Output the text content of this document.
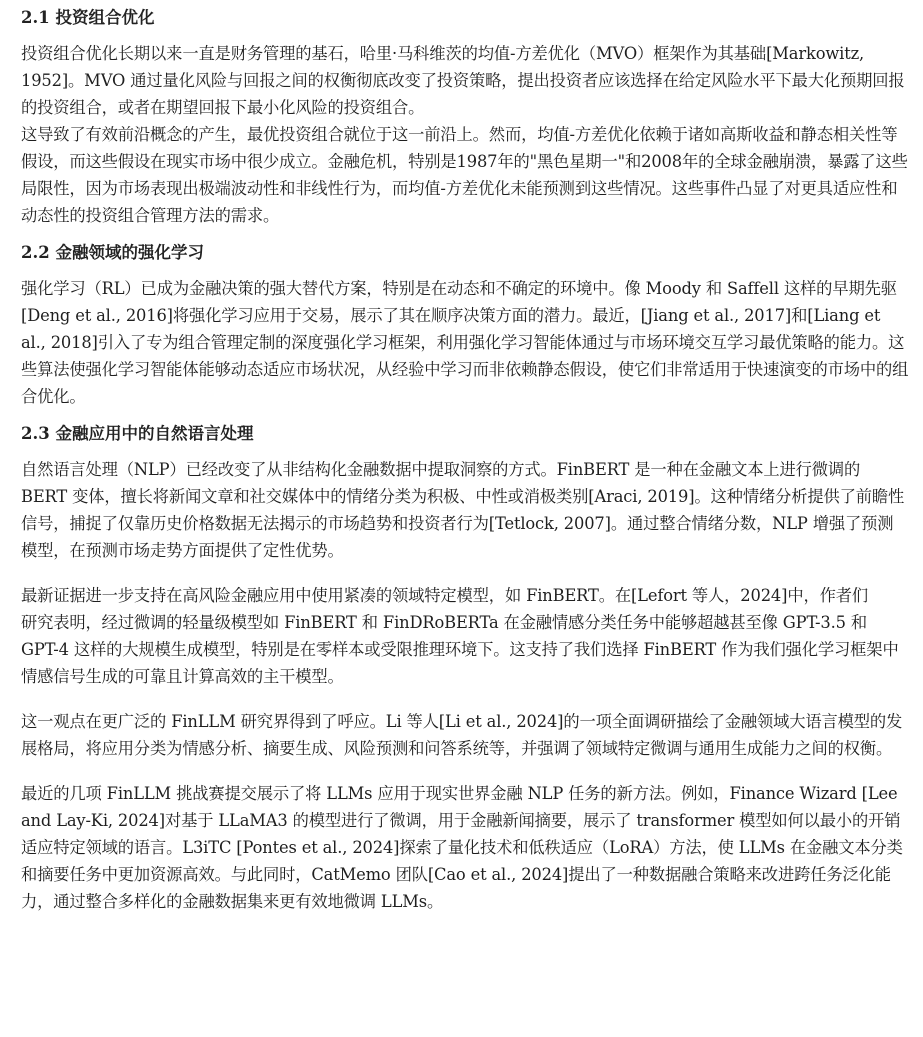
2.1 投资组合优化

投资组合优化长期以来一直是财务管理的基石，哈里·马科维茨的均值-方差优化（MVO）框架作为其基础[Markowitz, 1952]。MVO 通过量化风险与回报之间的权衡彻底改变了投资策略，提出投资者应该选择在给定风险水平下最大化预期回报的投资组合，或者在期望回报下最小化风险的投资组合。

这导致了有效前沿概念的产生，最优投资组合就位于这一前沿上。然而，均值-方差优化依赖于诸如高斯收益和静态相关性等假设，而这些假设在现实市场中很少成立。金融危机，特别是1987年的"黑色星期一"和2008年的全球金融崩溃，暴露了这些局限性，因为市场表现出极端波动性和非线性行为，而均值-方差优化未能预测到这些情况。这些事件凸显了对更具适应性和动态性的投资组合管理方法的需求。

2.2 金融领域的强化学习

强化学习（RL）已成为金融决策的强大替代方案，特别是在动态和不确定的环境中。像 Moody 和 Saffell 这样的早期先驱[Deng et al., 2016]将强化学习应用于交易，展示了其在顺序决策方面的潜力。最近，[Jiang et al., 2017]和[Liang et al., 2018]引入了专为组合管理定制的深度强化学习框架，利用强化学习智能体通过与市场环境交互学习最优策略的能力。这些算法使强化学习智能体能够动态适应市场状况，从经验中学习而非依赖静态假设，使它们非常适用于快速演变的市场中的组合优化。

2.3 金融应用中的自然语言处理

自然语言处理（NLP）已经改变了从非结构化金融数据中提取洞察的方式。FinBERT 是一种在金融文本上进行微调的 BERT 变体，擅长将新闻文章和社交媒体中的情绪分类为积极、中性或消极类别[Araci, 2019]。这种情绪分析提供了前瞻性信号，捕捉了仅靠历史价格数据无法揭示的市场趋势和投资者行为[Tetlock, 2007]。通过整合情绪分数，NLP 增强了预测模型，在预测市场走势方面提供了定性优势。

最新证据进一步支持在高风险金融应用中使用紧凑的领域特定模型，如 FinBERT。在[Lefort 等人，2024]中，作者们

研究表明，经过微调的轻量级模型如 FinBERT 和 FinDRoBERTa 在金融情感分类任务中能够超越甚至像 GPT-3.5 和 GPT-4 这样的大规模生成模型，特别是在零样本或受限推理环境下。这支持了我们选择 FinBERT 作为我们强化学习框架中情感信号生成的可靠且计算高效的主干模型。

这一观点在更广泛的 FinLLM 研究界得到了呼应。Li 等人[Li et al., 2024]的一项全面调研描绘了金融领域大语言模型的发展格局，将应用分类为情感分析、摘要生成、风险预测和问答系统等，并强调了领域特定微调与通用生成能力之间的权衡。

最近的几项 FinLLM 挑战赛提交展示了将 LLMs 应用于现实世界金融 NLP 任务的新方法。例如，Finance Wizard [Lee and Lay-Ki, 2024]对基于 LLaMA3 的模型进行了微调，用于金融新闻摘要，展示了 transformer 模型如何以最小的开销适应特定领域的语言。L3iTC [Pontes et al., 2024]探索了量化技术和低秩适应（LoRA）方法，使 LLMs 在金融文本分类和摘要任务中更加资源高效。与此同时，CatMemo 团队[Cao et al., 2024]提出了一种数据融合策略来改进跨任务泛化能力，通过整合多样化的金融数据集来更有效地微调 LLMs。
